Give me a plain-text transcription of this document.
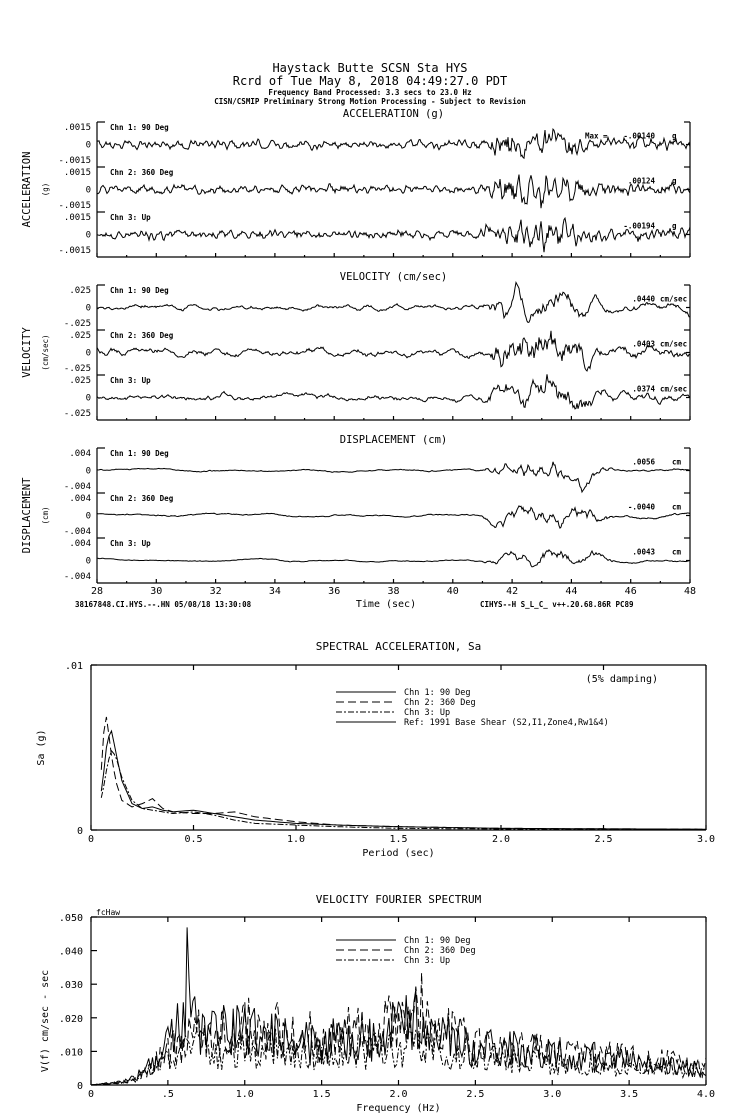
Haystack Butte SCSN Sta HYS
Rcrd of Tue May 8, 2018 04:49:27.0 PDT
Frequency Band Processed: 3.3 secs to 23.0 Hz
CISN/CSMIP Preliminary Strong Motion Processing - Subject to Revision
ACCELERATION (g)
ACCELERATION (g)
Chn 1: 90 Deg
.0015
0
-.0015
Max = -.00140 g
Chn 2: 360 Deg
.0015
0
-.0015
.00124 g
Chn 3: Up
.0015
0
-.0015
-.00194 g
VELOCITY (cm/sec)
VELOCITY (cm/sec)
Chn 1: 90 Deg
.025
0
-.025
.0440 cm/sec
Chn 2: 360 Deg
.025
0
-.025
.0403 cm/sec
Chn 3: Up
.025
0
-.025
.0374 cm/sec
DISPLACEMENT (cm)
DISPLACEMENT (cm)
Chn 1: 90 Deg
.004
0
-.004
.0056 cm
Chn 2: 360 Deg
.004
0
-.004
-.0040 cm
Chn 3: Up
.004
0
-.004
.0043 cm
28	30	32	34	36	38	40	42	44	46	48
Time (sec)
38167848.CI.HYS.--.HN 05/08/18 13:30:08	CIHYS--H S_L_C_ v++.20.68.86R PC89
SPECTRAL ACCELERATION, Sa
0	0.5	1.0	1.5	2.0	2.5	3.0
.01
0
Period (sec)
Sa (g)
(5% damping)
Chn 1: 90 Deg
Chn 2: 360 Deg
Chn 3: Up
Ref: 1991 Base Shear (S2,I1,Zone4,Rw1&4)
VELOCITY FOURIER SPECTRUM
0	.5	1.0	1.5	2.0	2.5	3.0	3.5	4.0
.050
.040
.030
.020
.010
0
Frequency (Hz)
V(f) cm/sec - sec
fcHaw
Chn 1: 90 Deg
Chn 2: 360 Deg
Chn 3: Up
